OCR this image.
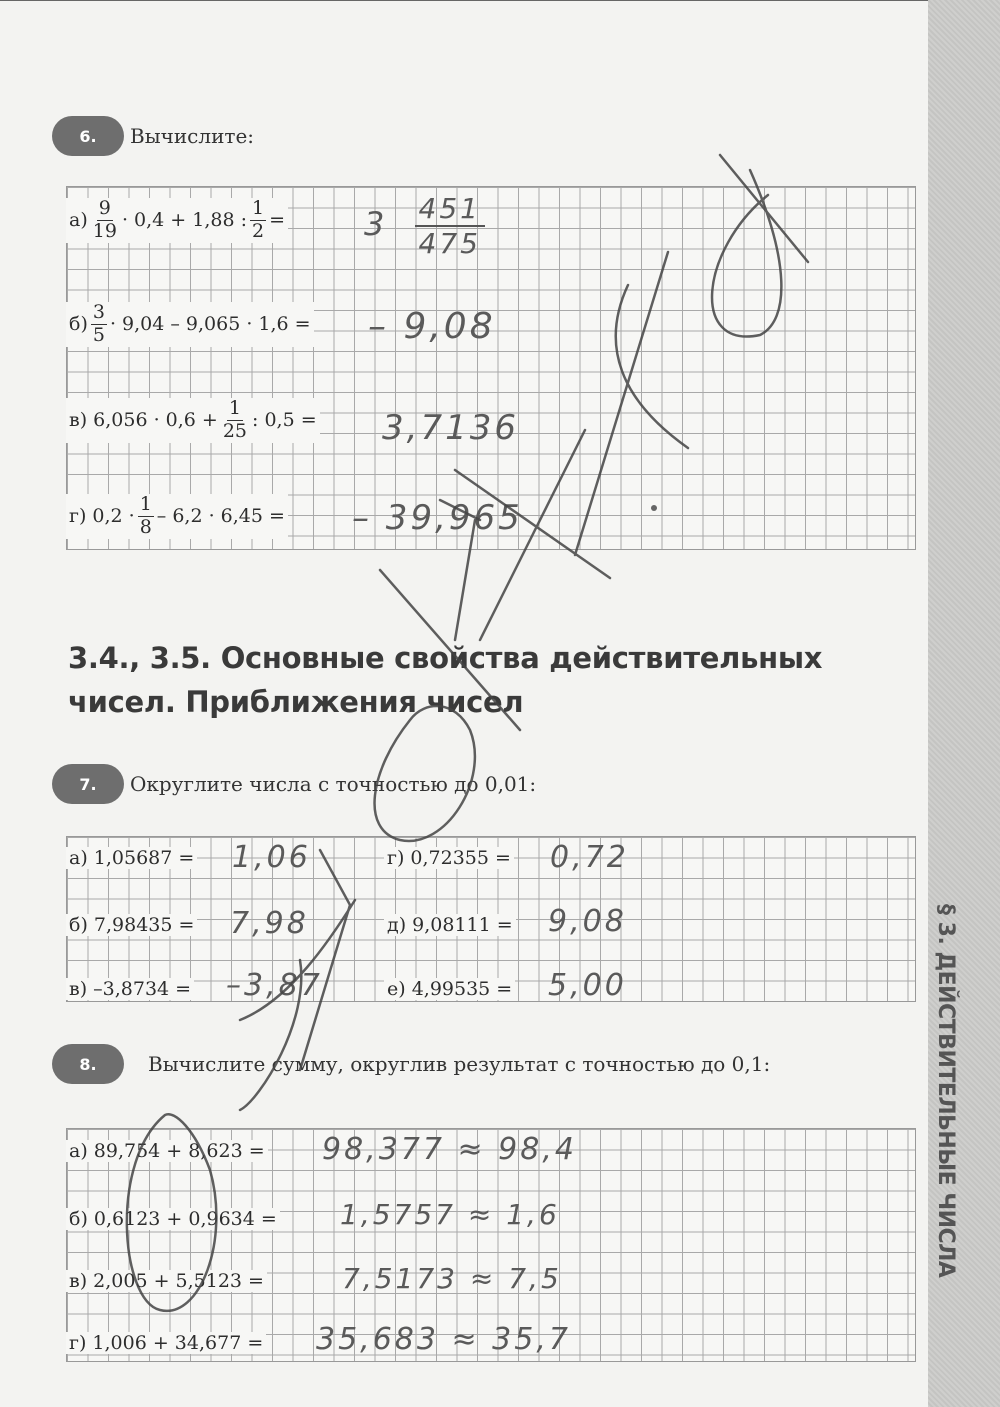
§ 3. ДЕЙСТВИТЕЛЬНЫЕ ЧИСЛА
6.	Вычислите:
$а) \frac{9}{19} \cdot 0,4 + 1,88$ : $\frac{1}{2} = 3 \frac{451}{475}$
$б) \frac{3}{5} \cdot 9,04 - 9,065 \cdot 1,6$ = – 9,08
в) $6,056 \cdot 0,6 + \frac{1}{25}$ : 0,5 = 3,7136
г) $0,2 \cdot \frac{1}{8} - 6,2 \cdot 6,45$ = – 39,965
3.4., 3.5. Основные свойства действительных
чисел. Приближения чисел
7.	Округлите числа с точностью до 0,01:
а) 1,05687 = 1,06
б) 7,98435 = 7,98
в) –3,8734 = –3,87
г) 0,72355 = 0,72
д) 9,08111 = 9,08
е) 4,99535 = 5,00
8.	Вычислите сумму, округлив результат с точностью до 0,1:
а) 89,754 + 8,623 = 98,377 ≈ 98,4
б) 0,6123 + 0,9634 = 1,5757 ≈ 1,6
в) 2,005 + 5,5123 =	7,5173 ≈ 7,5
г) 1,006 + 34,677 = 35,683 ≈ 35,7
